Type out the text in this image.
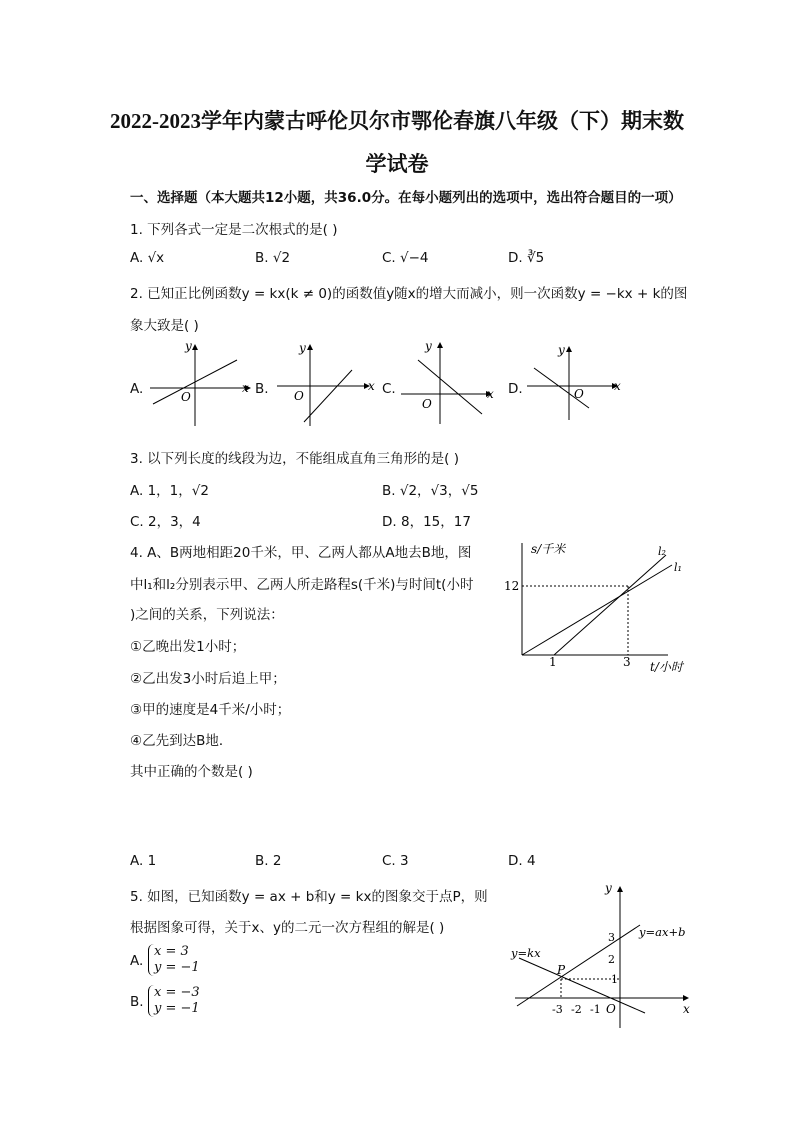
2022-2023学年内蒙古呼伦贝尔市鄂伦春旗八年级（下）期末数
学试卷
一、选择题（本大题共12小题，共36.0分。在每小题列出的选项中，选出符合题目的一项）
1. 下列各式一定是二次根式的是( )
A. √x	B. √2	C. √−4	D. ∛5
2. 已知正比例函数y = kx(k ≠ 0)的函数值y随x的增大而减小，则一次函数y = −kx + k的图
象大致是( )
A.	B.	C.	D.
y
x
O
y
x
O
y
x
O
y
x
O
3. 以下列长度的线段为边，不能组成直角三角形的是( )
A. 1，1，√2	B. √2，√3，√5
C. 2，3，4	D. 8，15，17
4. A、B两地相距20千米，甲、乙两人都从A地去B地，图
中l₁和l₂分别表示甲、乙两人所走路程s(千米)与时间t(小时
)之间的关系，下列说法：
①乙晚出发1小时；
②乙出发3小时后追上甲；
③甲的速度是4千米/小时；
④乙先到达B地．
其中正确的个数是( )
A. 1	B. 2	C. 3	D. 4
s/千米
t/小时
l₂
l₁
12
1	3
5. 如图，已知函数y = ax + b和y = kx的图象交于点P，则
根据图象可得，关于x、y的二元一次方程组的解是( )
A.
x = 3
y = −1
B.
x = −3
y = −1
y
x
O
y=ax+b
y=kx
P
3
2
1
-3 -2 -1
